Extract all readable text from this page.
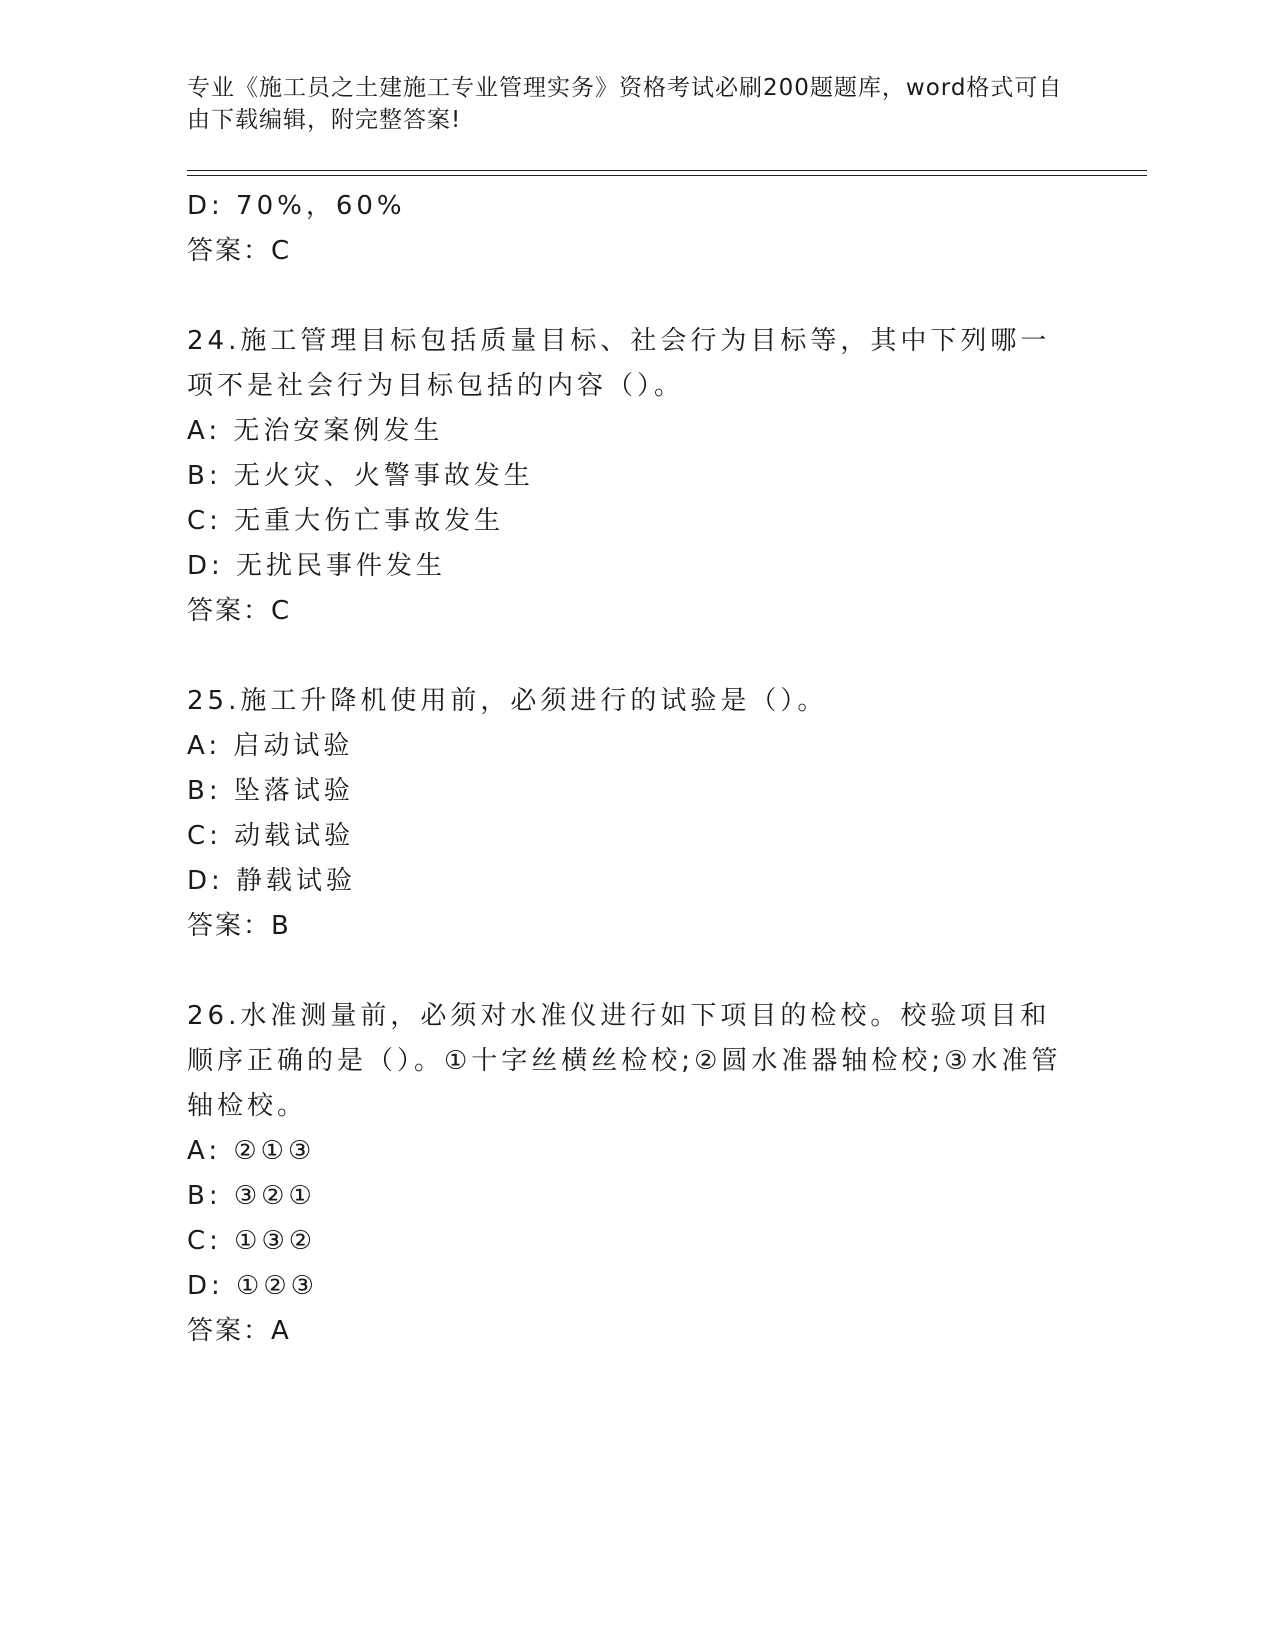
专业《施工员之土建施工专业管理实务》资格考试必刷200题题库，word格式可自由下载编辑，附完整答案!
D: 70%，60%
答案：C
24.施工管理目标包括质量目标、社会行为目标等，其中下列哪一项不是社会行为目标包括的内容（）。
A: 无治安案例发生
B: 无火灾、火警事故发生
C: 无重大伤亡事故发生
D: 无扰民事件发生
答案：C
25.施工升降机使用前，必须进行的试验是（）。
A: 启动试验
B: 坠落试验
C: 动载试验
D: 静载试验
答案：B
26.水准测量前，必须对水准仪进行如下项目的检校。校验项目和顺序正确的是（）。①十字丝横丝检校;②圆水准器轴检校;③水准管轴检校。
A: ②①③
B: ③②①
C: ①③②
D: ①②③
答案：A
